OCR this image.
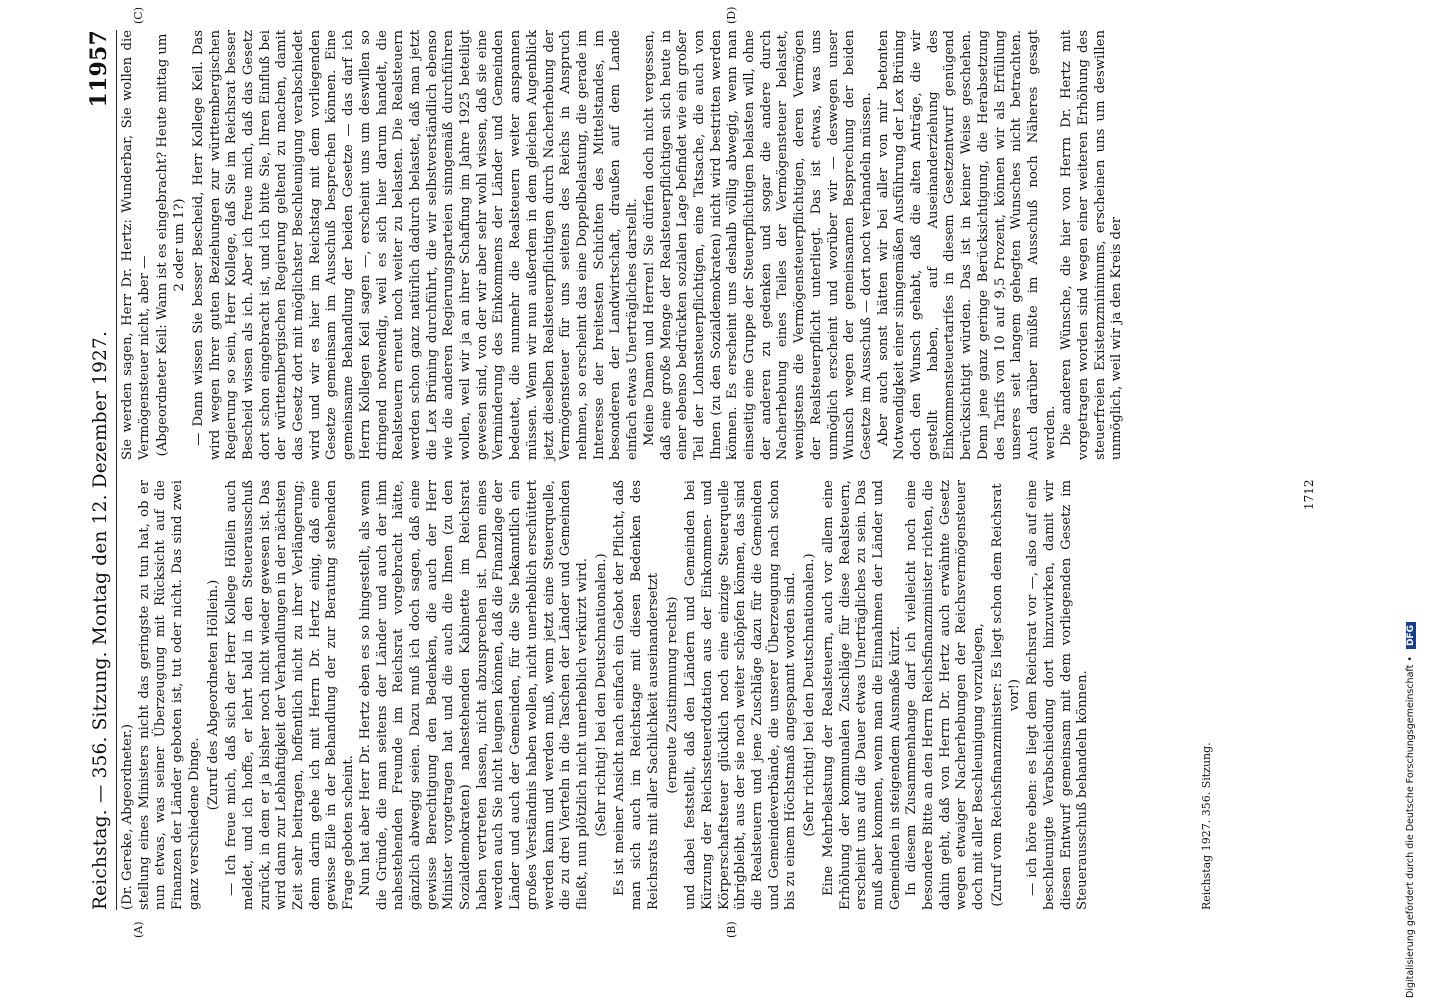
Reichstag. — 356. Sitzung. Montag den 12. Dezember 1927.
11957
(A)	(B)
(C)	(D)

(Dr. Gereke, Abgeordneter.) stellung eines Ministers nicht das geringste zu tun hat, ob er nun etwas, was seiner Überzeugung mit Rücksicht auf die Finanzen der Länder geboten ist, tut oder nicht. Das sind zwei ganz verschiedene Dinge.

(Zuruf des Abgeordneten Höllein.) — Ich freue mich, daß sich der Herr Kollege Höllein auch meldet, und ich hoffe, er lehrt bald in den Steuerausschuß zurück, in dem er ja bisher noch nicht wieder gewesen ist. Das wird dann zur Lebhaftigkeit der Verhandlungen in der nächsten Zeit sehr beitragen, hoffentlich nicht zu ihrer Verlängerung; denn darin gehe ich mit Herrn Dr. Hertz einig, daß eine gewisse Eile in der Behandlung der zur Beratung stehenden Frage geboten scheint. Nun hat aber Herr Dr. Hertz eben es so hingestellt, als wenn die Gründe, die man seitens der Länder und auch der ihm nahestehenden Freunde im Reichsrat vorgebracht hätte, gänzlich abwegig seien. Dazu muß ich doch sagen, daß eine gewisse Berechtigung den Bedenken, die auch der Herr Minister vorgetragen hat und die auch die Ihnen (zu den Sozialdemokraten) nahestehenden Kabinette im Reichsrat haben vertreten lassen, nicht abzusprechen ist. Denn eines werden auch Sie nicht leugnen können, daß die Finanzlage der Länder und auch der Gemeinden, für die Sie bekanntlich ein großes Verständnis haben wollen, nicht unerheblich erschüttert werden kann und werden muß, wenn jetzt eine Steuerquelle, die zu drei Vierteln in die Taschen der Länder und Gemeinden fließt, nun plötzlich nicht unerheblich verkürzt wird. (Sehr richtig! bei den Deutschnationalen.) Es ist meiner Ansicht nach einfach ein Gebot der Pflicht, daß man sich auch im Reichstage mit diesen Bedenken des Reichsrats mit aller Sachlichkeit auseinandersetzt (erneute Zustimmung rechts) und dabei feststellt, daß den Ländern und Gemeinden bei Kürzung der Reichssteuerdotation aus der Einkommen- und Körperschaftsteuer glücklich noch eine einzige Steuerquelle übrigbleibt, aus der sie noch weiter schöpfen können, das sind die Realsteuern und jene Zuschläge dazu für die Gemeinden und Gemeindeverbände, die unserer Überzeugung nach schon bis zu einem Höchstmaß angespannt worden sind. (Sehr richtig! bei den Deutschnationalen.) Eine Mehrbelastung der Realsteuern, auch vor allem eine Erhöhung der kommunalen Zuschläge für diese Realsteuern, erscheint uns auf die Dauer etwas Unerträgliches zu sein. Das muß aber kommen, wenn man die Einnahmen der Länder und Gemeinden in steigendem Ausmaße kürzt. In diesem Zusammenhange darf ich vielleicht noch eine besondere Bitte an den Herrn Reichsfinanzminister richten, die dahin geht, daß von Herrn Dr. Hertz auch erwähnte Gesetz wegen etwaiger Nacherhebungen der Reichsvermögensteuer doch mit aller Beschleunigung vorzulegen, (Zuruf vom Reichsfinanzminister: Es liegt schon dem Reichsrat vor!) — ich höre eben: es liegt dem Reichsrat vor —, also auf eine beschleunigte Verabschiedung dort hinzuwirken, damit wir diesen Entwurf gemeinsam mit dem vorliegenden Gesetz im Steuerausschuß behandeln können.

Sie werden sagen, Herr Dr. Hertz: Wunderbar, Sie wollen die Vermögensteuer nicht, aber — (Abgeordneter Keil: Wann ist es eingebracht? Heute mittag um 2 oder um 1?) — Dann wissen Sie besser Bescheid, Herr Kollege Keil. Das wird wegen Ihrer guten Beziehungen zur württembergischen Regierung so sein, Herr Kollege, daß Sie im Reichsrat besser Bescheid wissen als ich. Aber ich freue mich, daß das Gesetz dort schon eingebracht ist, und ich bitte Sie, Ihren Einfluß bei der württembergischen Regierung geltend zu machen, damit das Gesetz dort mit möglichster Beschleunigung verabschiedet wird und wir es hier im Reichstag mit dem vorliegenden Gesetze gemeinsam im Ausschuß besprechen können. Eine gemeinsame Behandlung der beiden Gesetze — das darf ich Herrn Kollegen Keil sagen —, erscheint uns um deswillen so dringend notwendig, weil es sich hier darum handelt, die Realsteuern erneut noch weiter zu belasten. Die Realsteuern werden schon ganz natürlich dadurch belastet, daß man jetzt die Lex Brüning durchführt, die wir selbstverständlich ebenso wie die anderen Regierungsparteien sinngemäß durchführen wollen, weil wir ja an ihrer Schaffung im Jahre 1925 beteiligt gewesen sind, von der wir aber sehr wohl wissen, daß sie eine Verminderung des Einkommens der Länder und Gemeinden bedeutet, die nunmehr die Realsteuern weiter anspannen müssen. Wenn wir nun außerdem in dem gleichen Augenblick jetzt dieselben Realsteuerpflichtigen durch Nacherhebung der Vermögensteuer für uns seitens des Reichs in Anspruch nehmen, so erscheint das eine Doppelbelastung, die gerade im Interesse der breitesten Schichten des Mittelstandes, im besonderen der Landwirtschaft, draußen auf dem Lande einfach etwas Unerträgliches darstellt. Meine Damen und Herren! Sie dürfen doch nicht vergessen, daß eine große Menge der Realsteuerpflichtigen sich heute in einer ebenso bedrückten sozialen Lage befindet wie ein großer Teil der Lohnsteuerpflichtigen, eine Tatsache, die auch von Ihnen (zu den Sozialdemokraten) nicht wird bestritten werden können. Es erscheint uns deshalb völlig abwegig, wenn man einseitig eine Gruppe der Steuerpflichtigen belasten will, ohne der anderen zu gedenken und sogar die andere durch Nacherhebung eines Teiles der Vermögensteuer belastet, wenigstens die Vermögensteuerpflichtigen, deren Vermögen der Realsteuerpflicht unterliegt. Das ist etwas, was uns unmöglich erscheint und worüber wir — deswegen unser Wunsch wegen der gemeinsamen Besprechung der beiden Gesetze im Ausschuß — dort noch verhandeln müssen. Aber auch sonst hätten wir bei aller von mir betonten Notwendigkeit einer sinngemäßen Ausführung der Lex Brüning doch den Wunsch gehabt, daß die alten Anträge, die wir gestellt haben, auf Auseinanderziehung des Einkommensteuertarifes in diesem Gesetzentwurf genügend berücksichtigt würden. Das ist in keiner Weise geschehen. Denn jene ganz geringe Berücksichtigung, die Herabsetzung des Tarifs von 10 auf 9,5 Prozent, können wir als Erfüllung unseres seit langem gehegten Wunsches nicht betrachten. Auch darüber müßte im Ausschuß noch Näheres gesagt werden. Die anderen Wünsche, die hier von Herrn Dr. Hertz mit vorgetragen worden sind wegen einer weiteren Erhöhung des steuerfreien Existenzminimums, erscheinen uns um deswillen unmöglich, weil wir ja den Kreis der

Reichstag 1927. 356. Sitzung.
1712
Digitalisierung gefördert durch die Deutsche Forschungsgemeinschaft • DFG
